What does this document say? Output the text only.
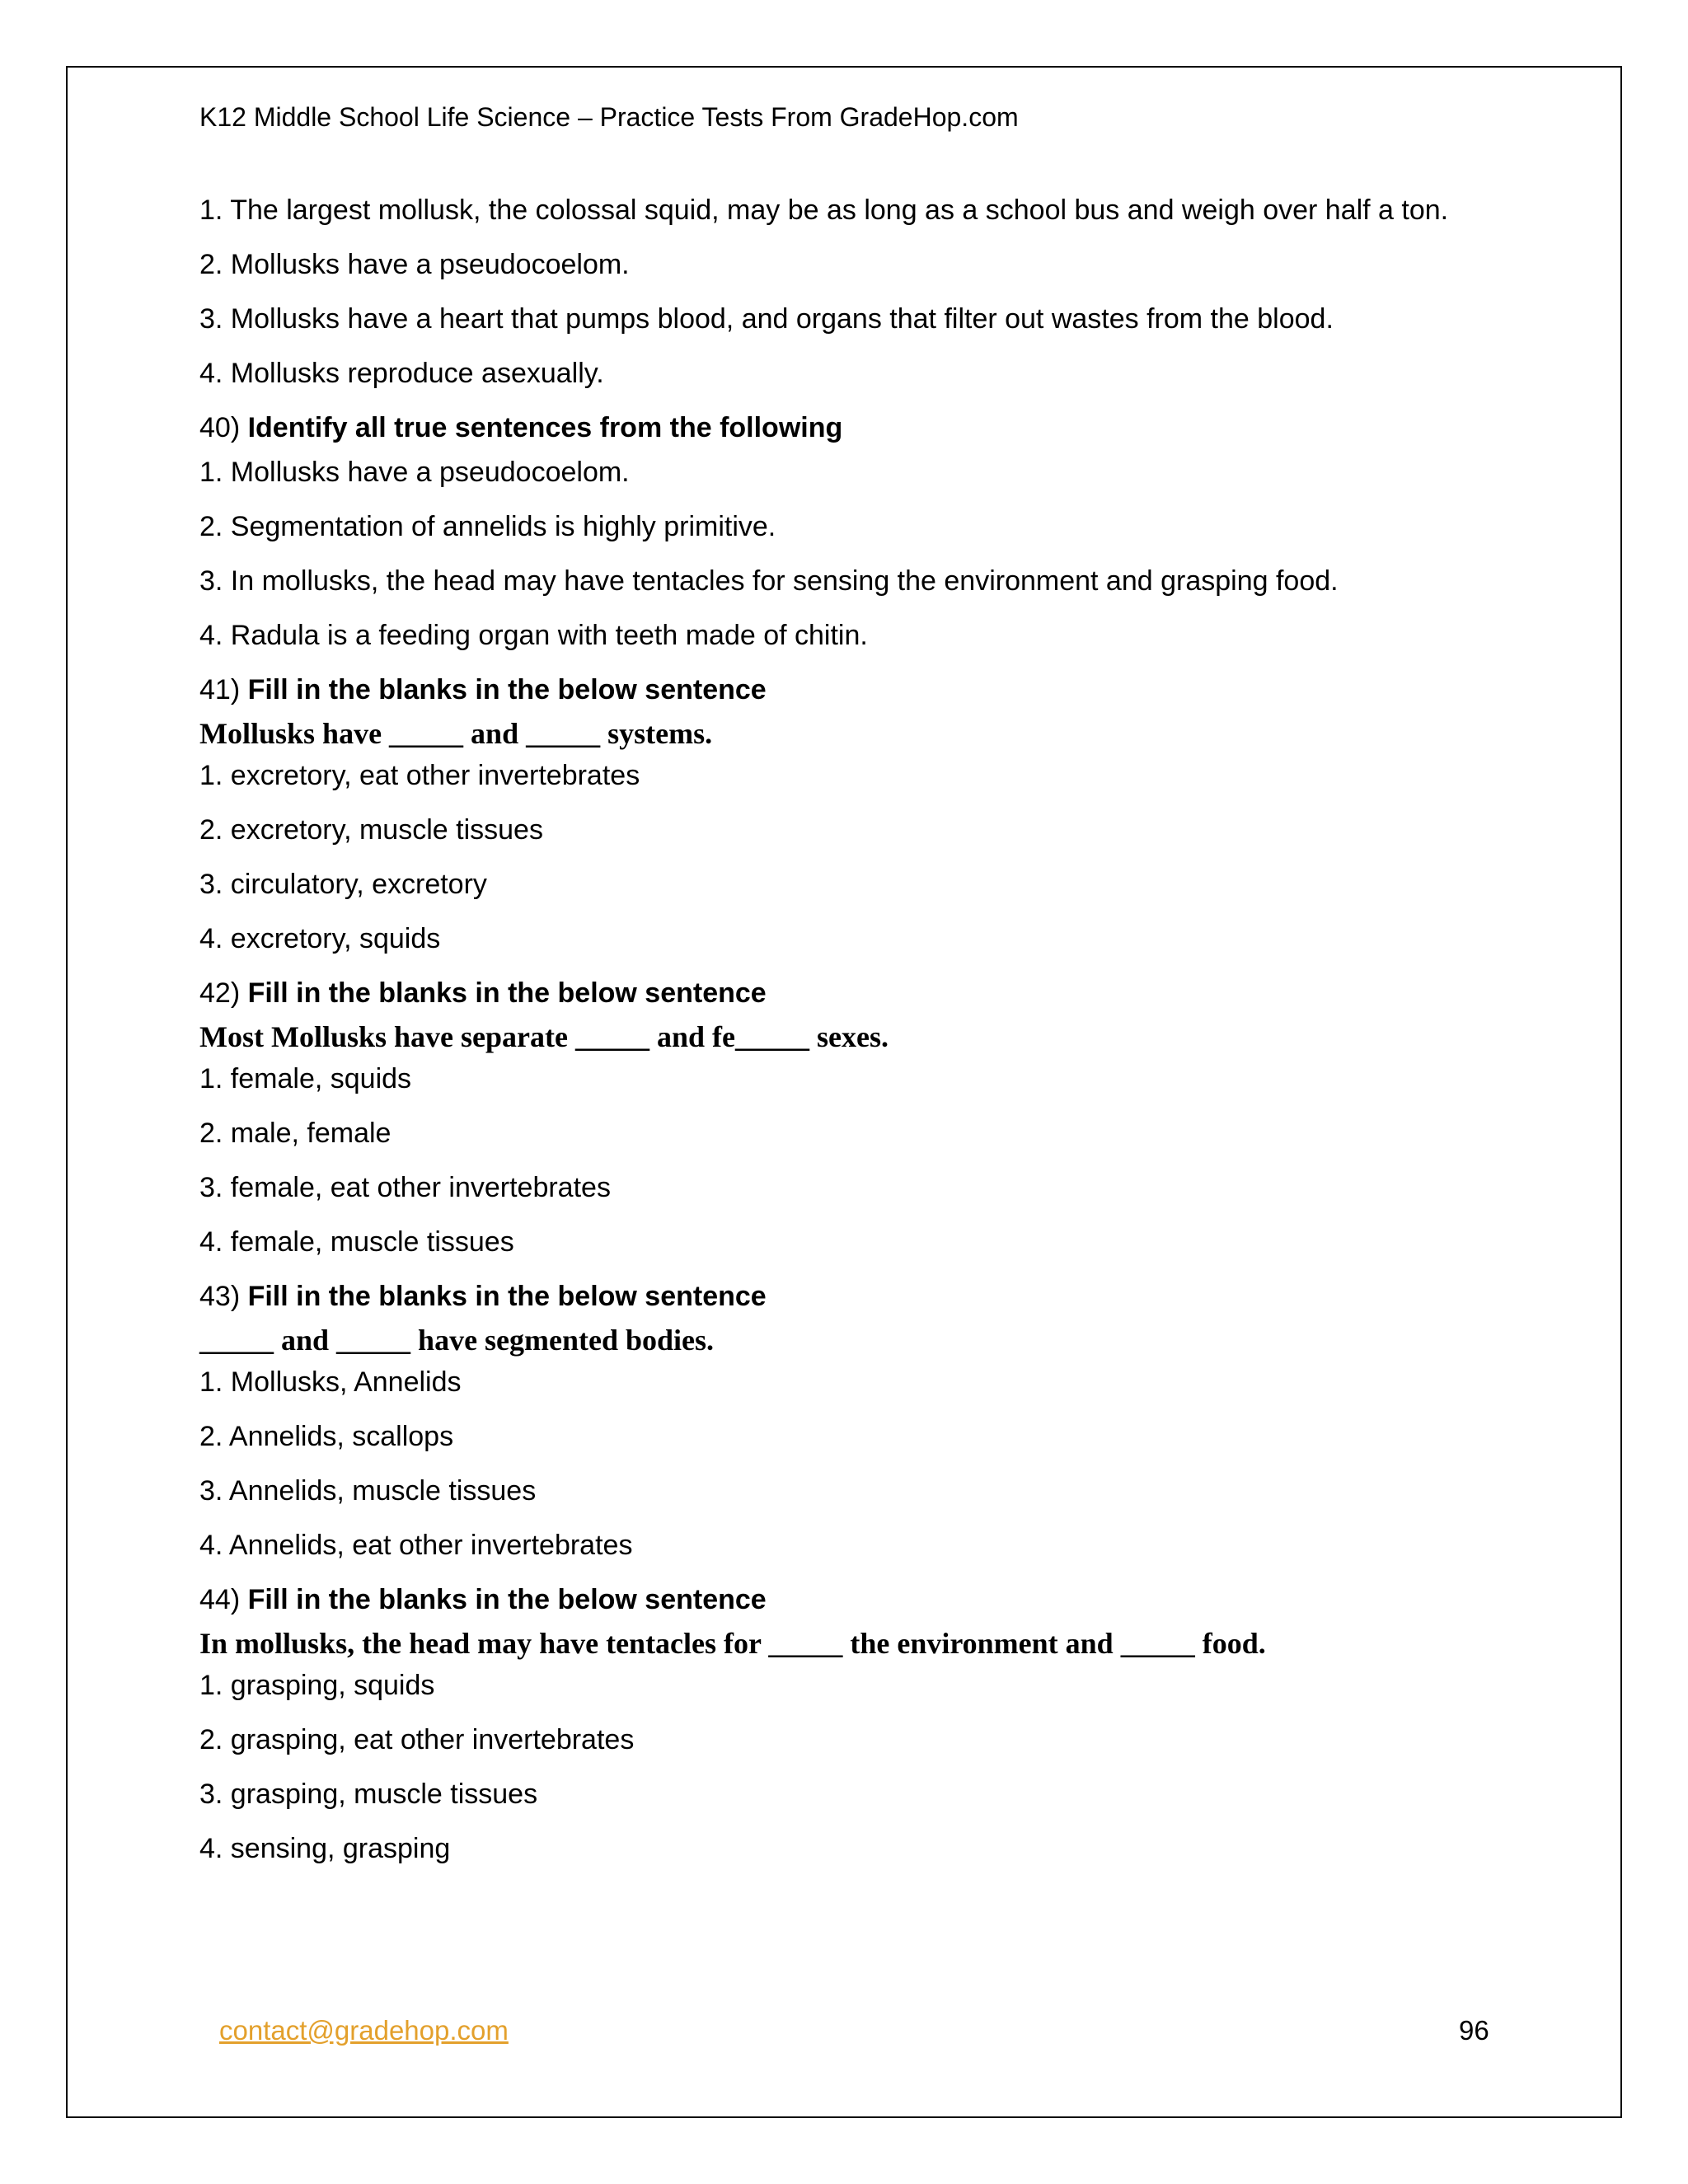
K12 Middle School Life Science – Practice Tests From GradeHop.com
1. The largest mollusk, the colossal squid, may be as long as a school bus and weigh over half a ton.
2. Mollusks have a pseudocoelom.
3. Mollusks have a heart that pumps blood, and organs that filter out wastes from the blood.
4. Mollusks reproduce asexually.
40) Identify all true sentences from the following
1. Mollusks have a pseudocoelom.
2. Segmentation of annelids is highly primitive.
3. In mollusks, the head may have tentacles for sensing the environment and grasping food.
4. Radula is a feeding organ with teeth made of chitin.
41) Fill in the blanks in the below sentence
Mollusks have _____ and _____ systems.
1. excretory, eat other invertebrates
2. excretory, muscle tissues
3. circulatory, excretory
4. excretory, squids
42) Fill in the blanks in the below sentence
Most Mollusks have separate _____ and fe_____ sexes.
1. female, squids
2. male, female
3. female, eat other invertebrates
4. female, muscle tissues
43) Fill in the blanks in the below sentence
_____ and _____ have segmented bodies.
1. Mollusks, Annelids
2. Annelids, scallops
3. Annelids, muscle tissues
4. Annelids, eat other invertebrates
44) Fill in the blanks in the below sentence
In mollusks, the head may have tentacles for _____ the environment and _____ food.
1. grasping, squids
2. grasping, eat other invertebrates
3. grasping, muscle tissues
4. sensing, grasping
contact@gradehop.com	96
